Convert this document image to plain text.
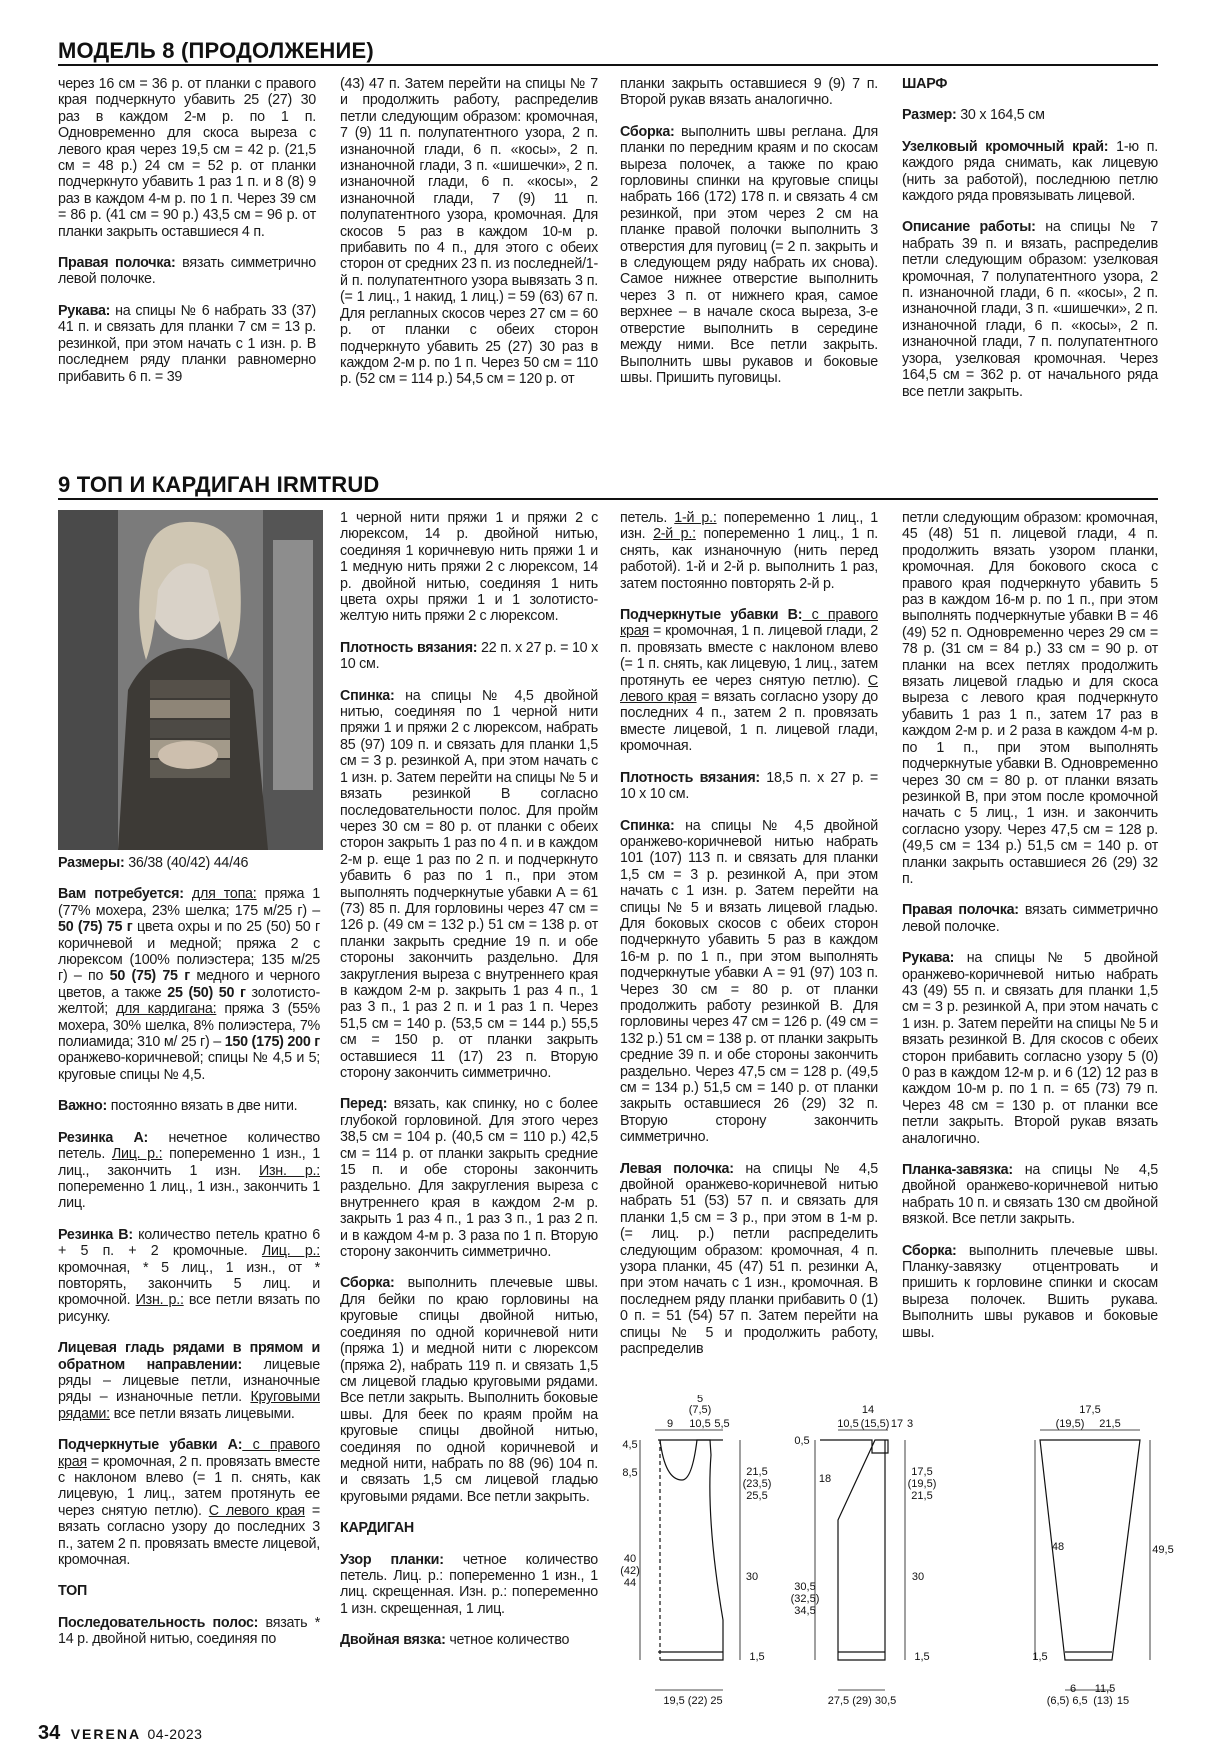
МОДЕЛЬ 8 (ПРОДОЛЖЕНИЕ)

через 16 см = 36 р. от планки с правого края подчеркнуто убавить 25 (27) 30 раз в каждом 2-м р. по 1 п. Одновременно для скоса выреза с левого края через 19,5 см = 42 р. (21,5 см = 48 р.) 24 см = 52 р. от планки подчеркнуто убавить 1 раз 1 п. и 8 (8) 9 раз в каждом 4-м р. по 1 п. Через 39 см = 86 р. (41 см = 90 р.) 43,5 см = 96 р. от планки закрыть оставшиеся 4 п.

Правая полочка: вязать симметрично левой полочке.

Рукава: на спицы № 6 набрать 33 (37) 41 п. и связать для планки 7 см = 13 р. резинкой, при этом начать с 1 изн. р. В последнем ряду планки равномерно прибавить 6 п. = 39

(43) 47 п. Затем перейти на спицы № 7 и продолжить работу, распределив петли следующим образом: кромочная, 7 (9) 11 п. полупатентного узора, 2 п. изнаночной глади, 6 п. «косы», 2 п. изнаночной глади, 3 п. «шишечки», 2 п. изнаночной глади, 6 п. «косы», 2 изнаночной глади, 7 (9) 11 п. полупатентного узора, кромочная. Для скосов 5 раз в каждом 10-м р. прибавить по 4 п., для этого с обеих сторон от средних 23 п. из последней/1-й п. полупатентного узора вывязать 3 п. (= 1 лиц., 1 накид, 1 лиц.) = 59 (63) 67 п. Для реглanных скосов через 27 см = 60 р. от планки с обеих сторон подчеркнуто убавить 25 (27) 30 раз в каждом 2-м р. по 1 п. Через 50 см = 110 р. (52 см = 114 р.) 54,5 см = 120 р. от

планки закрыть оставшиеся 9 (9) 7 п. Второй рукав вязать аналогично.

Сборка: выполнить швы реглана. Для планки по передним краям и по скосам выреза полочек, а также по краю горловины спинки на круговые спицы набрать 166 (172) 178 п. и связать 4 см резинкой, при этом через 2 см на планке правой полочки выполнить 3 отверстия для пуговиц (= 2 п. закрыть и в следующем ряду набрать их снова). Самое нижнее отверстие выполнить через 3 п. от нижнего края, самое верхнее – в начале скоса выреза, 3-е отверстие выполнить в середине между ними. Все петли закрыть. Выполнить швы рукавов и боковые швы. Пришить пуговицы.

ШАРФ

Размер: 30 x 164,5 см

Узелковый кромочный край: 1-ю п. каждого ряда снимать, как лицевую (нить за работой), последнюю петлю каждого ряда провязывать лицевой.

Описание работы: на спицы № 7 набрать 39 п. и вязать, распределив петли следующим образом: узелковая кромочная, 7 полупатентного узора, 2 п. изнаночной глади, 6 п. «косы», 2 п. изнаночной глади, 3 п. «шишечки», 2 п. изнаночной глади, 6 п. «косы», 2 п. изнаночной глади, 7 п. полупатентного узора, узелковая кромочная. Через 164,5 см = 362 р. от начального ряда все петли закрыть.

9 ТОП И КАРДИГАН IRMTRUD

Размеры: 36/38 (40/42) 44/46

Вам потребуется: для топа: пряжа 1 (77% мохера, 23% шелка; 175 м/25 г) – 50 (75) 75 г цвета охры и по 25 (50) 50 г коричневой и медной; пряжа 2 с люрексом (100% полиэстера; 135 м/25 г) – по 50 (75) 75 г медного и черного цветов, а также 25 (50) 50 г золотисто-желтой; для кардигана: пряжа 3 (55% мохера, 30% шелка, 8% полиэстера, 7% полиамида; 310 м/ 25 г) – 150 (175) 200 г оранжево-коричневой; спицы № 4,5 и 5; круговые спицы № 4,5.

Важно: постоянно вязать в две нити.

Резинка А: нечетное количество петель. Лиц. р.: попеременно 1 изн., 1 лиц., закончить 1 изн. Изн. р.: попеременно 1 лиц., 1 изн., закончить 1 лиц.

Резинка В: количество петель кратно 6 + 5 п. + 2 кромочные. Лиц. р.: кромочная, * 5 лиц., 1 изн., от * повторять, закончить 5 лиц. и кромочной. Изн. р.: все петли вязать по рисунку.

Лицевая гладь рядами в прямом и обратном направлении: лицевые ряды – лицевые петли, изнаночные ряды – изнаночные петли. Круговыми рядами: все петли вязать лицевыми.

Подчеркнутые убавки А: с правого края = кромочная, 2 п. провязать вместе с наклоном влево (= 1 п. снять, как лицевую, 1 лиц., затем протянуть ее через снятую петлю). С левого края = вязать согласно узору до последних 3 п., затем 2 п. провязать вместе лицевой, кромочная.

ТОП

Последовательность полос: вязать * 14 р. двойной нитью, соединяя по

1 черной нити пряжи 1 и пряжи 2 с люрексом, 14 р. двойной нитью, соединяя 1 коричневую нить пряжи 1 и 1 медную нить пряжи 2 с люрексом, 14 р. двойной нитью, соединяя 1 нить цвета охры пряжи 1 и 1 золотисто-желтую нить пряжи 2 с люрексом.

Плотность вязания: 22 п. x 27 р. = 10 x 10 см.

Спинка: на спицы № 4,5 двойной нитью, соединяя по 1 черной нити пряжи 1 и пряжи 2 с люрексом, набрать 85 (97) 109 п. и связать для планки 1,5 см = 3 р. резинкой А, при этом начать с 1 изн. р. Затем перейти на спицы № 5 и вязать резинкой В согласно последовательности полос. Для пройм через 30 см = 80 р. от планки с обеих сторон закрыть 1 раз по 4 п. и в каждом 2-м р. еще 1 раз по 2 п. и подчеркнуто убавить 6 раз по 1 п., при этом выполнять подчеркнутые убавки А = 61 (73) 85 п. Для горловины через 47 см = 126 р. (49 см = 132 р.) 51 см = 138 р. от планки закрыть средние 19 п. и обе стороны закончить раздельно. Для закругления выреза с внутреннего края в каждом 2-м р. закрыть 1 раз 4 п., 1 раз 3 п., 1 раз 2 п. и 1 раз 1 п. Через 51,5 см = 140 р. (53,5 см = 144 р.) 55,5 см = 150 р. от планки закрыть оставшиеся 11 (17) 23 п. Вторую сторону закончить симметрично.

Перед: вязать, как спинку, но с более глубокой горловиной. Для этого через 38,5 см = 104 р. (40,5 см = 110 р.) 42,5 см = 114 р. от планки закрыть средние 15 п. и обе стороны закончить раздельно. Для закругления выреза с внутреннего края в каждом 2-м р. закрыть 1 раз 4 п., 1 раз 3 п., 1 раз 2 п. и в каждом 4-м р. 3 раза по 1 п. Вторую сторону закончить симметрично.

Сборка: выполнить плечевые швы. Для бейки по краю горловины на круговые спицы двойной нитью, соединяя по одной коричневой нити (пряжа 1) и медной нити с люрексом (пряжа 2), набрать 119 п. и связать 1,5 см лицевой гладью круговыми рядами. Все петли закрыть. Выполнить боковые швы. Для беек по краям пройм на круговые спицы двойной нитью, соединяя по одной коричневой и медной нити, набрать по 88 (96) 104 п. и связать 1,5 см лицевой гладью круговыми рядами. Все петли закрыть.

КАРДИГАН

Узор планки: четное количество петель. Лиц. р.: попеременно 1 изн., 1 лиц. скрещенная. Изн. р.: попеременно 1 изн. скрещенная, 1 лиц.

Двойная вязка: четное количество

петель. 1-й р.: попеременно 1 лиц., 1 изн. 2-й р.: попеременно 1 лиц., 1 п. снять, как изнаночную (нить перед работой). 1-й и 2-й р. выполнить 1 раз, затем постоянно повторять 2-й р.

Подчеркнутые убавки В: с правого края = кромочная, 1 п. лицевой глади, 2 п. провязать вместе с наклоном влево (= 1 п. снять, как лицевую, 1 лиц., затем протянуть ее через снятую петлю). С левого края = вязать согласно узору до последних 4 п., затем 2 п. провязать вместе лицевой, 1 п. лицевой глади, кромочная.

Плотность вязания: 18,5 п. x 27 р. = 10 x 10 см.

Спинка: на спицы № 4,5 двойной оранжево-коричневой нитью набрать 101 (107) 113 п. и связать для планки 1,5 см = 3 р. резинкой А, при этом начать с 1 изн. р. Затем перейти на спицы № 5 и вязать лицевой гладью. Для боковых скосов с обеих сторон подчеркнуто убавить 5 раз в каждом 16-м р. по 1 п., при этом выполнять подчеркнутые убавки А = 91 (97) 103 п. Через 30 см = 80 р. от планки продолжить работу резинкой В. Для горловины через 47 см = 126 р. (49 см = 132 р.) 51 см = 138 р. от планки закрыть средние 39 п. и обе стороны закончить раздельно. Через 47,5 см = 128 р. (49,5 см = 134 р.) 51,5 см = 140 р. от планки закрыть оставшиеся 26 (29) 32 п. Вторую сторону закончить симметрично.

Левая полочка: на спицы № 4,5 двойной оранжево-коричневой нитью набрать 51 (53) 57 п. и связать для планки 1,5 см = 3 р., при этом в 1-м р. (= лиц. р.) петли распределить следующим образом: кромочная, 4 п. узора планки, 45 (47) 51 п. резинки А, при этом начать с 1 изн., кромочная. В последнем ряду планки прибавить 0 (1) 0 п. = 51 (54) 57 п. Затем перейти на спицы № 5 и продолжить работу, распределив

петли следующим образом: кромочная, 45 (48) 51 п. лицевой глади, 4 п. продолжить вязать узором планки, кромочная. Для бокового скоса с правого края подчеркнуто убавить 5 раз в каждом 16-м р. по 1 п., при этом выполнять подчеркнутые убавки В = 46 (49) 52 п. Одновременно через 29 см = 78 р. (31 см = 84 р.) 33 см = 90 р. от планки на всех петлях продолжить вязать лицевой гладью и для скоса выреза с левого края подчеркнуто убавить 1 раз 1 п., затем 17 раз в каждом 2-м р. и 2 раза в каждом 4-м р. по 1 п., при этом выполнять подчеркнутые убавки В. Одновременно через 30 см = 80 р. от планки вязать резинкой В, при этом после кромочной начать с 5 лиц., 1 изн. и закончить согласно узору. Через 47,5 см = 128 р. (49,5 см = 134 р.) 51,5 см = 140 р. от планки закрыть оставшиеся 26 (29) 32 п.

Правая полочка: вязать симметрично левой полочке.

Рукава: на спицы № 5 двойной оранжево-коричневой нитью набрать 43 (49) 55 п. и связать для планки 1,5 см = 3 р. резинкой А, при этом начать с 1 изн. р. Затем перейти на спицы № 5 и вязать резинкой В. Для скосов с обеих сторон прибавить согласно узору 5 (0) 0 раз в каждом 12-м р. и 6 (12) 12 раз в каждом 10-м р. по 1 п. = 65 (73) 79 п. Через 48 см = 130 р. от планки все петли закрыть. Второй рукав вязать аналогично.

Планка-завязка: на спицы № 4,5 двойной оранжево-коричневой нитью набрать 10 п. и связать 130 см двойной вязкой. Все петли закрыть.

Сборка: выполнить плечевые швы. Планку-завязку отцентровать и пришить к горловине спинки и скосам выреза полочек. Вшить рукава. Выполнить швы рукавов и боковые швы.

5
(7,5)
9 10,5 5,5
4,5
8,5	21,5
(23,5)
25,5
40
(42)
44	30
1,5
19,5 (22) 25
14
10,5 (15,5) 17 3
0,5
18
17,5
(19,5)
21,5
30,5
(32,5)
34,5
30
1,5
27,5 (29) 30,5
17,5
(19,5) 21,5
48	49,5
1,5
6 11,5
(6,5) 6,5 (13) 15
34 VERENA 04-2023
